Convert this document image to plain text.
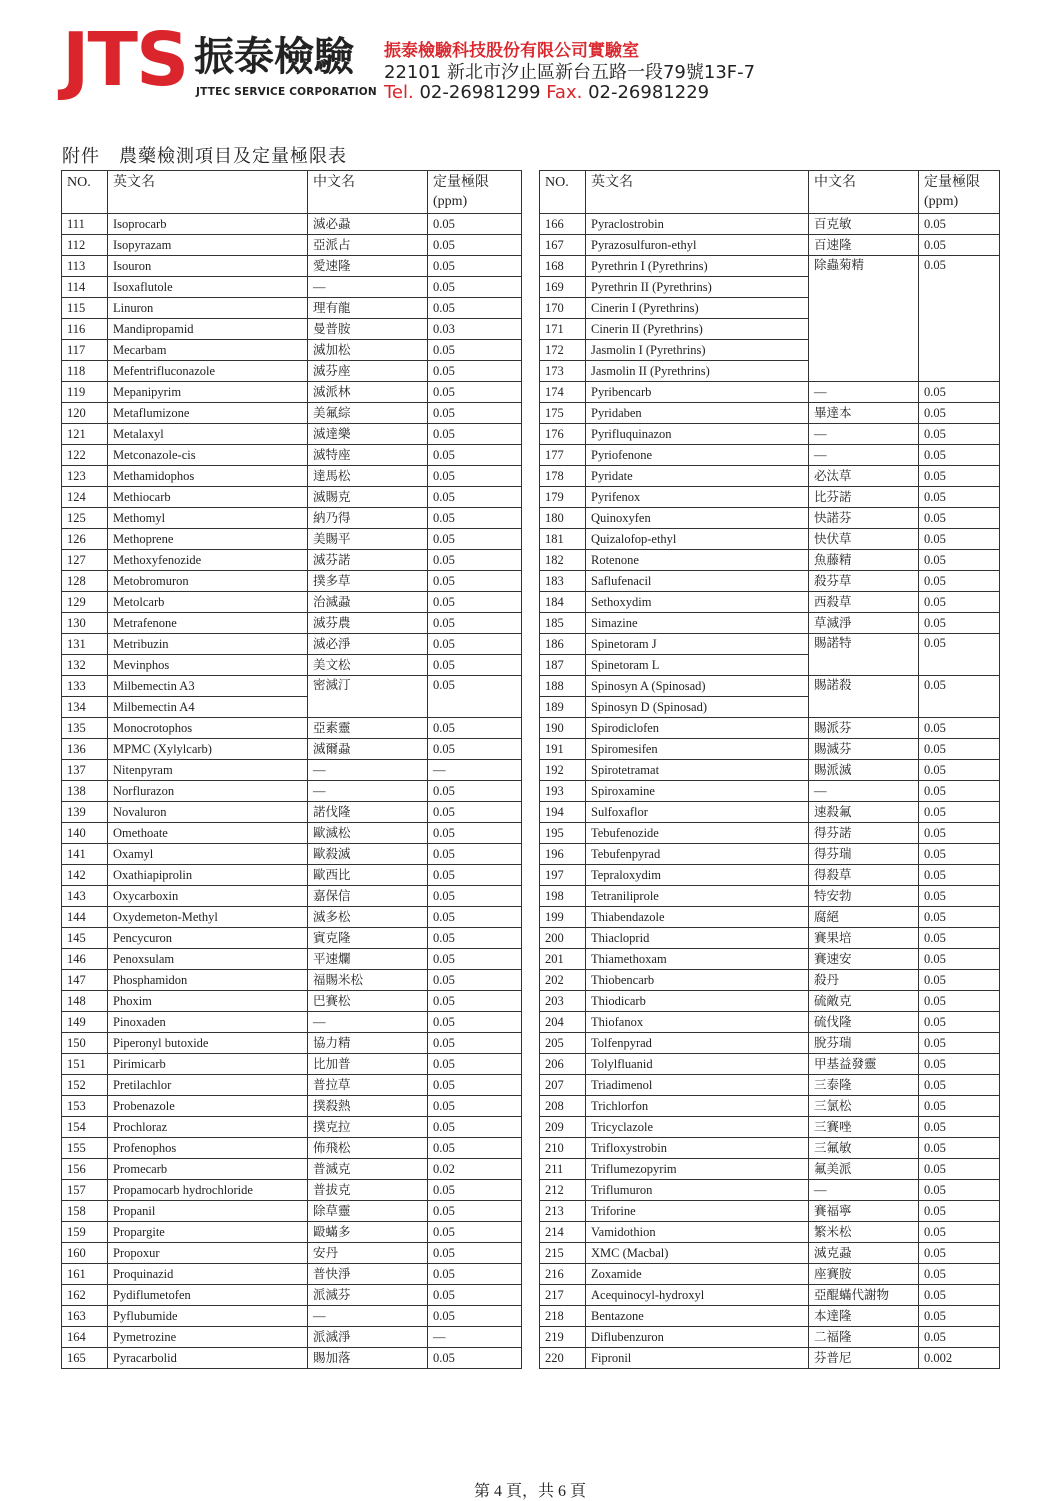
JTS 振泰檢驗
JTTEC SERVICE CORPORATION
振泰檢驗科技股份有限公司實驗室
22101 新北市汐止區新台五路一段79號13F-7
Tel. 02-26981299 Fax. 02-26981229
附件　農藥檢測項目及定量極限表
NO.	英文名	中文名	定量極限(ppm)

111	Isoprocarb	滅必蝨	0.05
112	Isopyrazam	亞派占	0.05
113	Isouron	愛速隆	0.05
114	Isoxaflutole	—	0.05
115	Linuron	理有龍	0.05
116	Mandipropamid	曼普胺	0.03
117	Mecarbam	滅加松	0.05
118	Mefentrifluconazole	滅芬座	0.05
119	Mepanipyrim	滅派林	0.05
120	Metaflumizone	美氟綜	0.05
121	Metalaxyl	滅達樂	0.05
122	Metconazole-cis	滅特座	0.05
123	Methamidophos	達馬松	0.05
124	Methiocarb	滅賜克	0.05
125	Methomyl	納乃得	0.05
126	Methoprene	美賜平	0.05
127	Methoxyfenozide	滅芬諾	0.05
128	Metobromuron	撲多草	0.05
129	Metolcarb	治滅蝨	0.05
130	Metrafenone	滅芬農	0.05
131	Metribuzin	滅必淨	0.05
132	Mevinphos	美文松	0.05
133	Milbemectin A3	密滅汀	0.05
134	Milbemectin A4		
135	Monocrotophos	亞素靈	0.05
136	MPMC (Xylylcarb)	滅爾蝨	0.05
137	Nitenpyram	—	—
138	Norflurazon	—	0.05
139	Novaluron	諾伐隆	0.05
140	Omethoate	歐滅松	0.05
141	Oxamyl	歐殺滅	0.05
142	Oxathiapiprolin	歐西比	0.05
143	Oxycarboxin	嘉保信	0.05
144	Oxydemeton-Methyl	滅多松	0.05
145	Pencycuron	賓克隆	0.05
146	Penoxsulam	平速爛	0.05
147	Phosphamidon	福賜米松	0.05
148	Phoxim	巴賽松	0.05
149	Pinoxaden	—	0.05
150	Piperonyl butoxide	協力精	0.05
151	Pirimicarb	比加普	0.05
152	Pretilachlor	普拉草	0.05
153	Probenazole	撲殺熱	0.05
154	Prochloraz	撲克拉	0.05
155	Profenophos	佈飛松	0.05
156	Promecarb	普滅克	0.02
157	Propamocarb hydrochloride	普拔克	0.05
158	Propanil	除草靈	0.05
159	Propargite	毆蟎多	0.05
160	Propoxur	安丹	0.05
161	Proquinazid	普快淨	0.05
162	Pydiflumetofen	派滅芬	0.05
163	Pyflubumide	—	0.05
164	Pymetrozine	派滅淨	—
165	Pyracarbolid	賜加落	0.05
NO.	英文名	中文名	定量極限(ppm)

166	Pyraclostrobin	百克敏	0.05
167	Pyrazosulfuron-ethyl	百速隆	0.05
168	Pyrethrin I (Pyrethrins)	除蟲菊精	0.05
169	Pyrethrin II (Pyrethrins)		
170	Cinerin I (Pyrethrins)		
171	Cinerin II (Pyrethrins)		
172	Jasmolin I (Pyrethrins)		
173	Jasmolin II (Pyrethrins)		
174	Pyribencarb	—	0.05
175	Pyridaben	畢達本	0.05
176	Pyrifluquinazon	—	0.05
177	Pyriofenone	—	0.05
178	Pyridate	必汰草	0.05
179	Pyrifenox	比芬諾	0.05
180	Quinoxyfen	快諾芬	0.05
181	Quizalofop-ethyl	快伏草	0.05
182	Rotenone	魚藤精	0.05
183	Saflufenacil	殺芬草	0.05
184	Sethoxydim	西殺草	0.05
185	Simazine	草滅淨	0.05
186	Spinetoram J	賜諾特	0.05
187	Spinetoram L		
188	Spinosyn A (Spinosad)	賜諾殺	0.05
189	Spinosyn D (Spinosad)		
190	Spirodiclofen	賜派芬	0.05
191	Spiromesifen	賜滅芬	0.05
192	Spirotetramat	賜派滅	0.05
193	Spiroxamine	—	0.05
194	Sulfoxaflor	速殺氟	0.05
195	Tebufenozide	得芬諾	0.05
196	Tebufenpyrad	得芬瑞	0.05
197	Tepraloxydim	得殺草	0.05
198	Tetraniliprole	特安勃	0.05
199	Thiabendazole	腐絕	0.05
200	Thiacloprid	賽果培	0.05
201	Thiamethoxam	賽速安	0.05
202	Thiobencarb	殺丹	0.05
203	Thiodicarb	硫敵克	0.05
204	Thiofanox	硫伐隆	0.05
205	Tolfenpyrad	脫芬瑞	0.05
206	Tolylfluanid	甲基益發靈	0.05
207	Triadimenol	三泰隆	0.05
208	Trichlorfon	三氯松	0.05
209	Tricyclazole	三賽唑	0.05
210	Trifloxystrobin	三氟敏	0.05
211	Triflumezopyrim	氟美派	0.05
212	Triflumuron	—	0.05
213	Triforine	賽福寧	0.05
214	Vamidothion	繁米松	0.05
215	XMC (Macbal)	滅克蝨	0.05
216	Zoxamide	座賽胺	0.05
217	Acequinocyl-hydroxyl	亞醌蟎代謝物	0.05
218	Bentazone	本達隆	0.05
219	Diflubenzuron	二福隆	0.05
220	Fipronil	芬普尼	0.002
第 4 頁，共 6 頁
